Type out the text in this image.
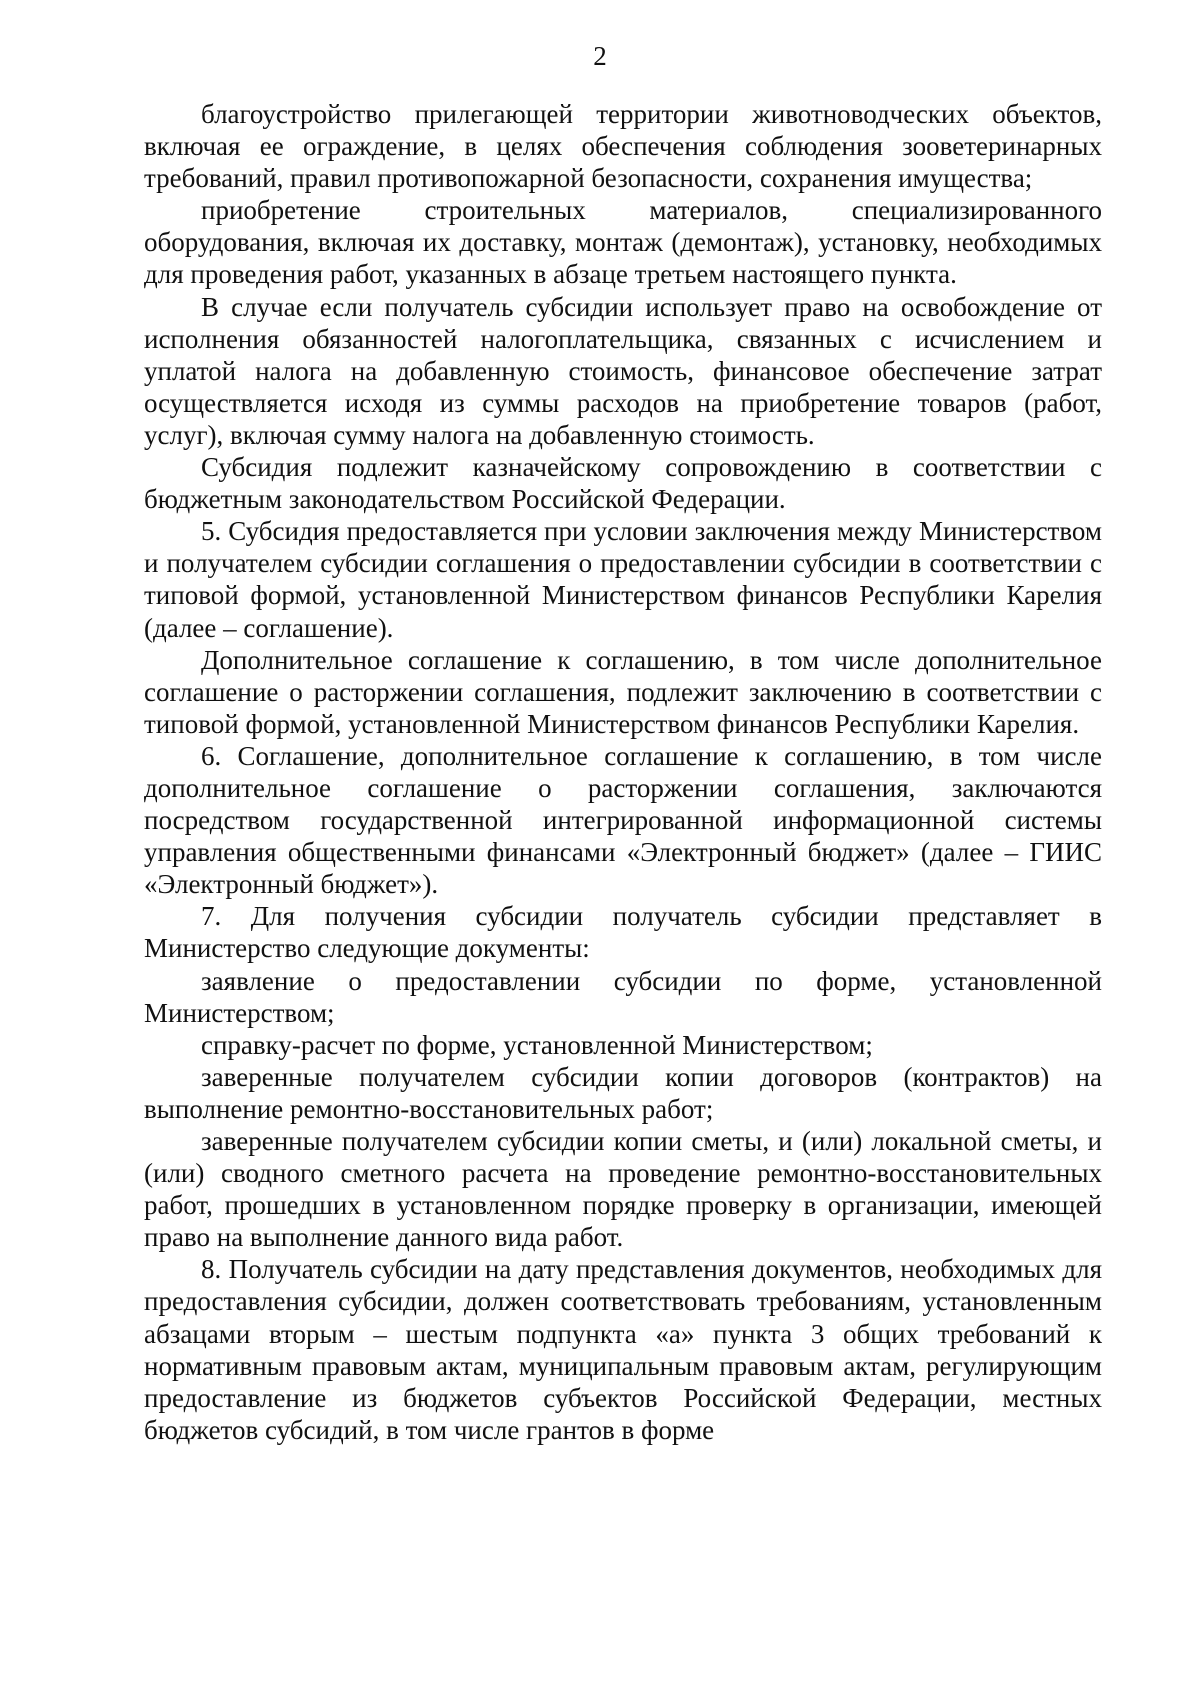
2

благоустройство прилегающей территории животноводческих объектов, включая ее ограждение, в целях обеспечения соблюдения зооветеринарных требований, правил противопожарной безопасности, сохранения имущества;

приобретение строительных материалов, специализированного оборудования, включая их доставку, монтаж (демонтаж), установку, необходимых для проведения работ, указанных в абзаце третьем настоящего пункта.

В случае если получатель субсидии использует право на освобождение от исполнения обязанностей налогоплательщика, связанных с исчислением и уплатой налога на добавленную стоимость, финансовое обеспечение затрат осуществляется исходя из суммы расходов на приобретение товаров (работ, услуг), включая сумму налога на добавленную стоимость.

Субсидия подлежит казначейскому сопровождению в соответствии с бюджетным законодательством Российской Федерации.

5. Субсидия предоставляется при условии заключения между Министерством и получателем субсидии соглашения о предоставлении субсидии в соответствии с типовой формой, установленной Министерством финансов Республики Карелия (далее – соглашение).

Дополнительное соглашение к соглашению, в том числе дополнительное соглашение о расторжении соглашения, подлежит заключению в соответствии с типовой формой, установленной Министерством финансов Республики Карелия.

6. Соглашение, дополнительное соглашение к соглашению, в том числе дополнительное соглашение о расторжении соглашения, заключаются посредством государственной интегрированной информационной системы управления общественными финансами «Электронный бюджет» (далее – ГИИС «Электронный бюджет»).

7. Для получения субсидии получатель субсидии представляет в Министерство следующие документы:

заявление о предоставлении субсидии по форме, установленной Министерством;

справку-расчет по форме, установленной Министерством;

заверенные получателем субсидии копии договоров (контрактов) на выполнение ремонтно-восстановительных работ;

заверенные получателем субсидии копии сметы, и (или) локальной сметы, и (или) сводного сметного расчета на проведение ремонтно-восстановительных работ, прошедших в установленном порядке проверку в организации, имеющей право на выполнение данного вида работ.

8. Получатель субсидии на дату представления документов, необходимых для предоставления субсидии, должен соответствовать требованиям, установленным абзацами вторым – шестым подпункта «а» пункта 3 общих требований к нормативным правовым актам, муниципальным правовым актам, регулирующим предоставление из бюджетов субъектов Российской Федерации, местных бюджетов субсидий, в том числе грантов в форме
